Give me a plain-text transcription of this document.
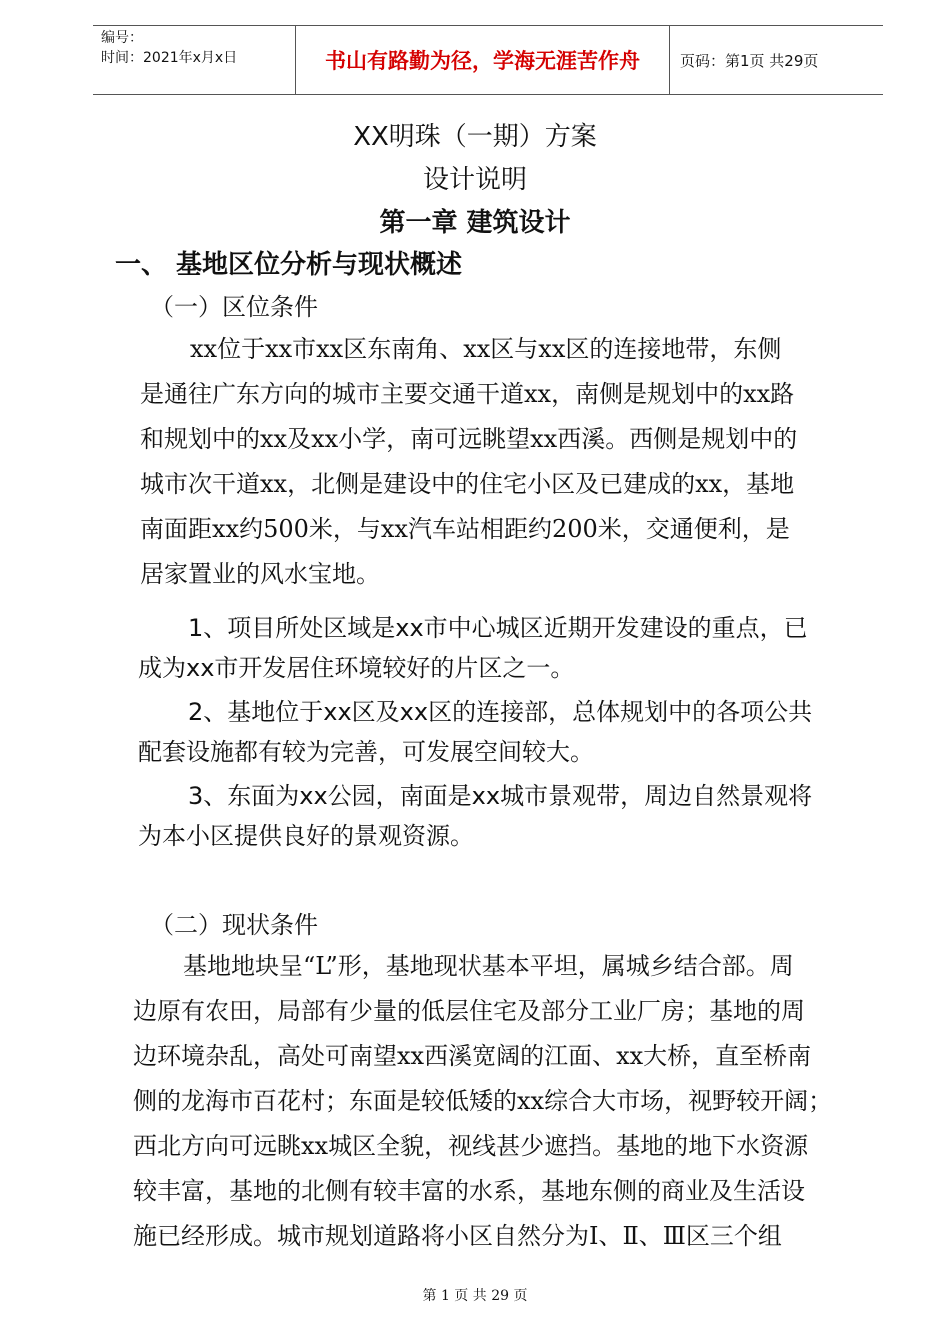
编号：
时间：2021年x月x日	书山有路勤为径，学海无涯苦作舟	页码：第1页 共29页
XX明珠（一期）方案
设计说明
第一章 建筑设计
一、 基地区位分析与现状概述
（一）区位条件
xx位于xx市xx区东南角、xx区与xx区的连接地带，东侧
是通往广东方向的城市主要交通干道xx，南侧是规划中的xx路
和规划中的xx及xx小学，南可远眺望xx西溪。西侧是规划中的
城市次干道xx，北侧是建设中的住宅小区及已建成的xx，基地
南面距xx约500米，与xx汽车站相距约200米，交通便利，是
居家置业的风水宝地。
1、项目所处区域是xx市中心城区近期开发建设的重点，已
成为xx市开发居住环境较好的片区之一。
2、基地位于xx区及xx区的连接部，总体规划中的各项公共
配套设施都有较为完善，可发展空间较大。
3、东面为xx公园，南面是xx城市景观带，周边自然景观将
为本小区提供良好的景观资源。
（二）现状条件
基地地块呈“L”形，基地现状基本平坦，属城乡结合部。周
边原有农田，局部有少量的低层住宅及部分工业厂房；基地的周
边环境杂乱，高处可南望xx西溪宽阔的江面、xx大桥，直至桥南
侧的龙海市百花村；东面是较低矮的xx综合大市场，视野较开阔；
西北方向可远眺xx城区全貌，视线甚少遮挡。基地的地下水资源
较丰富，基地的北侧有较丰富的水系，基地东侧的商业及生活设
施已经形成。城市规划道路将小区自然分为Ⅰ、Ⅱ、Ⅲ区三个组
第 1 页 共 29 页
